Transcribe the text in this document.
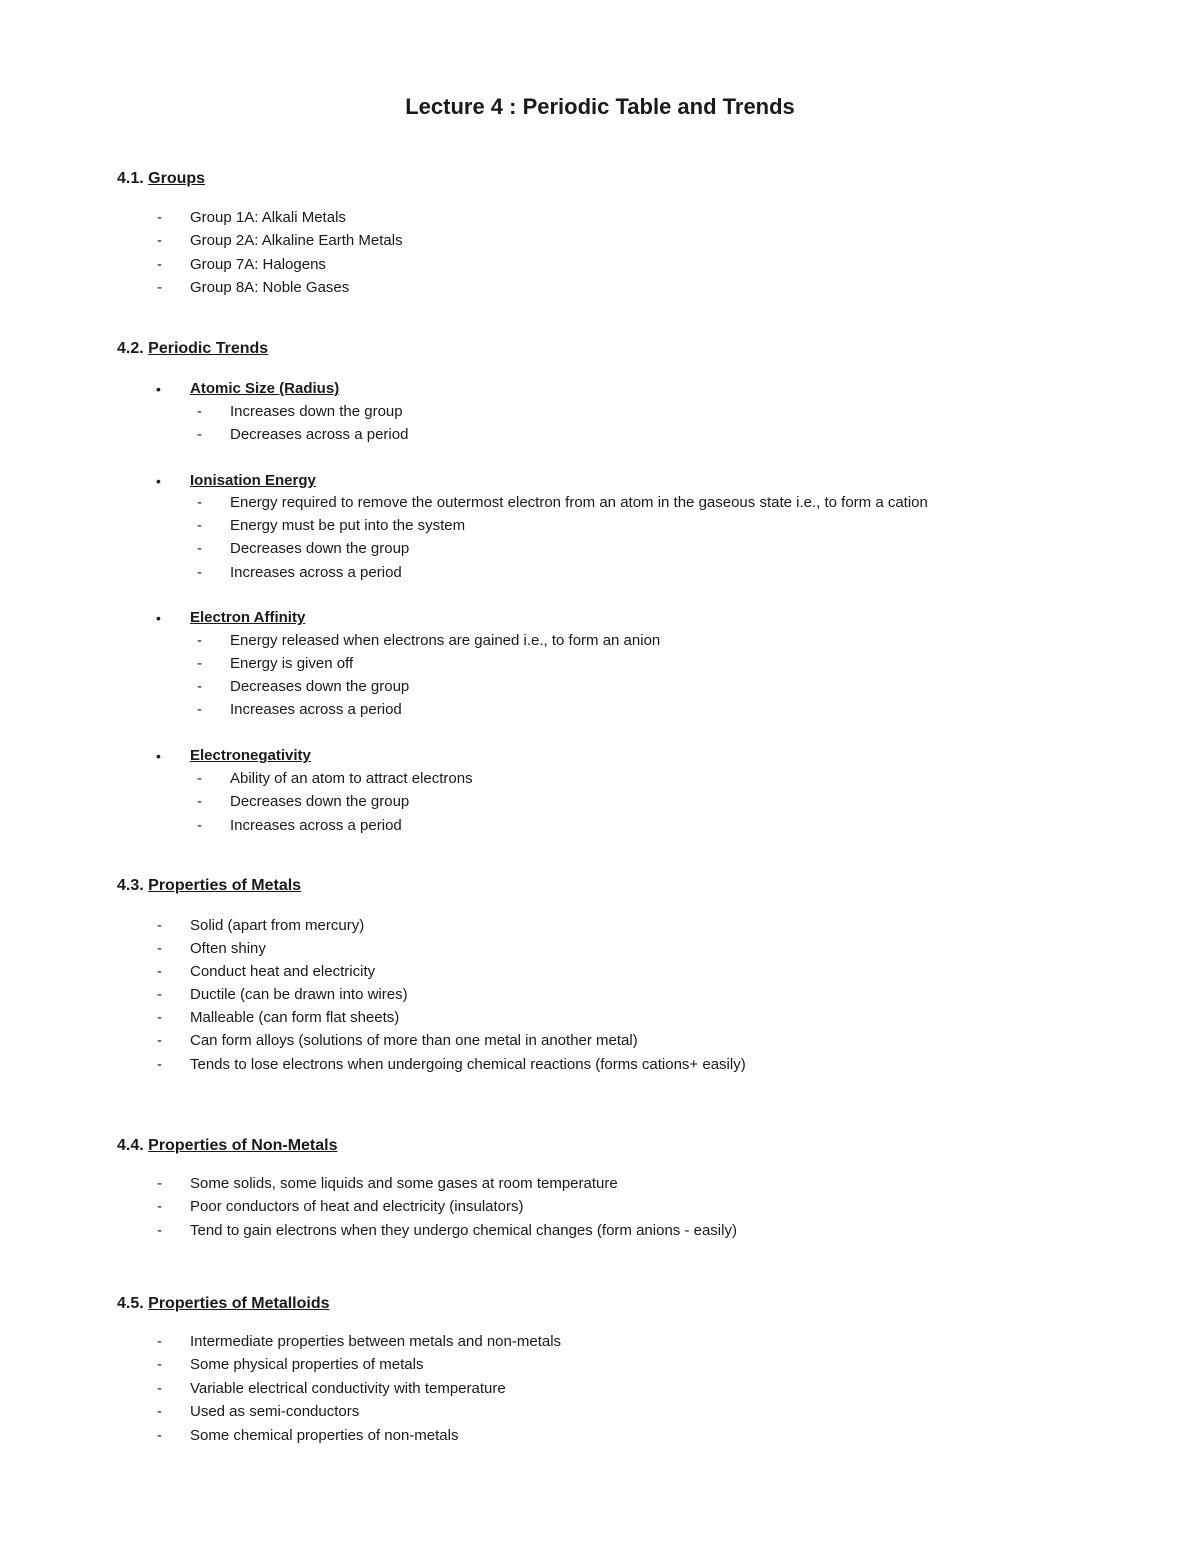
Lecture 4 : Periodic Table and Trends
4.1. Groups
- Group 1A: Alkali Metals
- Group 2A: Alkaline Earth Metals
- Group 7A: Halogens
- Group 8A: Noble Gases
4.2. Periodic Trends
• Atomic Size (Radius)
- Increases down the group
- Decreases across a period
• Ionisation Energy
- Energy required to remove the outermost electron from an atom in the gaseous state i.e., to form a cation
- Energy must be put into the system
- Decreases down the group
- Increases across a period
• Electron Affinity
- Energy released when electrons are gained i.e., to form an anion
- Energy is given off
- Decreases down the group
- Increases across a period
• Electronegativity
- Ability of an atom to attract electrons
- Decreases down the group
- Increases across a period
4.3. Properties of Metals
- Solid (apart from mercury)
- Often shiny
- Conduct heat and electricity
- Ductile (can be drawn into wires)
- Malleable (can form flat sheets)
- Can form alloys (solutions of more than one metal in another metal)
- Tends to lose electrons when undergoing chemical reactions (forms cations+ easily)
4.4. Properties of Non-Metals
- Some solids, some liquids and some gases at room temperature
- Poor conductors of heat and electricity (insulators)
- Tend to gain electrons when they undergo chemical changes (form anions - easily)
4.5. Properties of Metalloids
- Intermediate properties between metals and non-metals
- Some physical properties of metals
- Variable electrical conductivity with temperature
- Used as semi-conductors
- Some chemical properties of non-metals
